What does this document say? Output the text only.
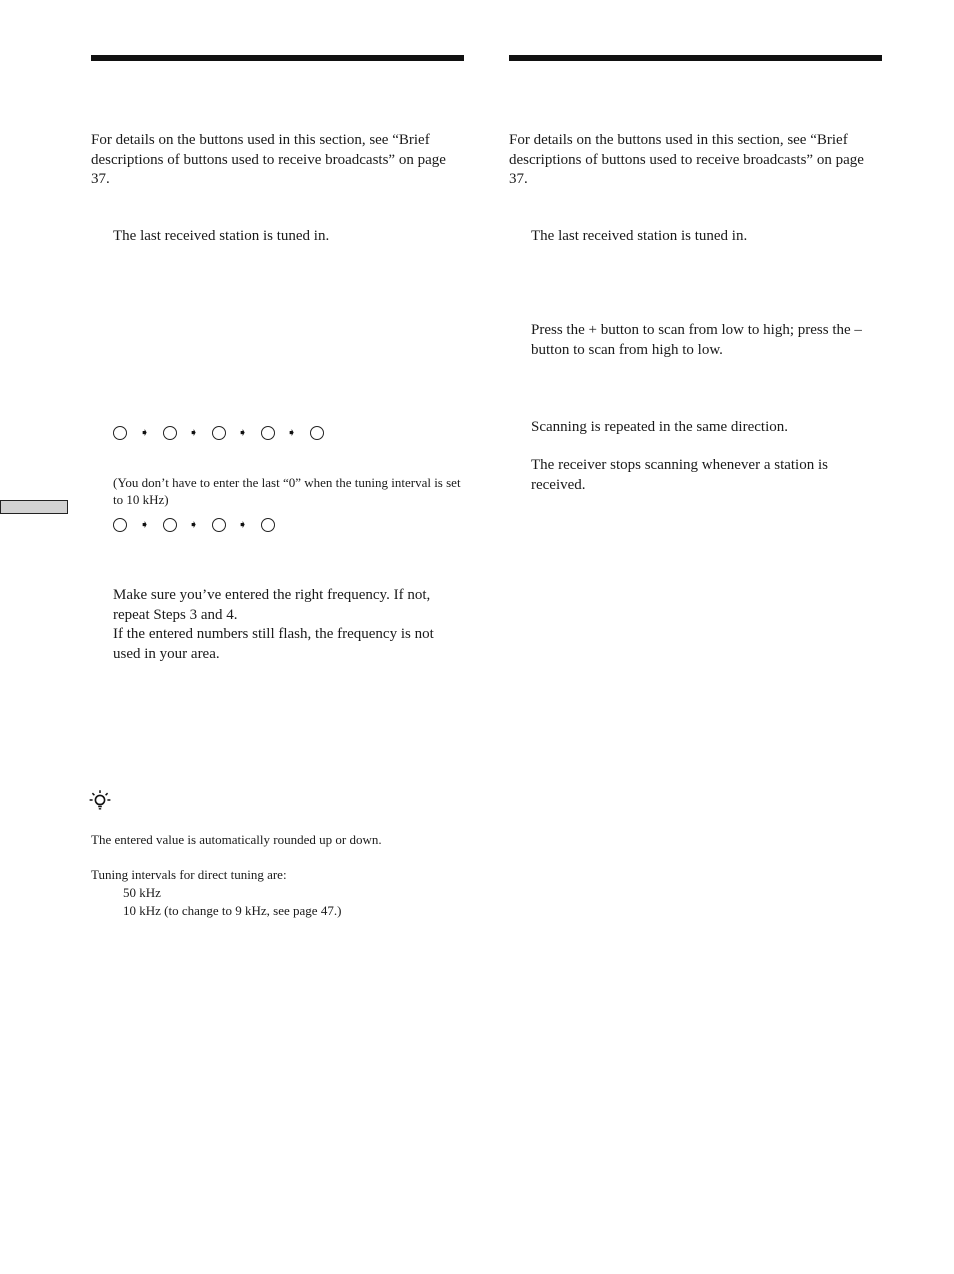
For details on the buttons used in this section, see “Brief descriptions of buttons used to receive broadcasts” on page 37.
The last received station is tuned in.
➧	➧	➧	➧
(You don’t have to enter the last “0” when the tuning interval is set to 10 kHz)
➧	➧	➧
Make sure you’ve entered the right frequency. If not, repeat Steps 3 and 4.
If the entered numbers still flash, the frequency is not used in your area.
The entered value is automatically rounded up or down.
Tuning intervals for direct tuning are:
50 kHz
10 kHz (to change to 9 kHz, see page 47.)
For details on the buttons used in this section, see “Brief descriptions of buttons used to receive broadcasts” on page 37.
The last received station is tuned in.
Press the + button to scan from low to high; press the – button to scan from high to low.
Scanning is repeated in the same direction.
The receiver stops scanning whenever a station is received.
